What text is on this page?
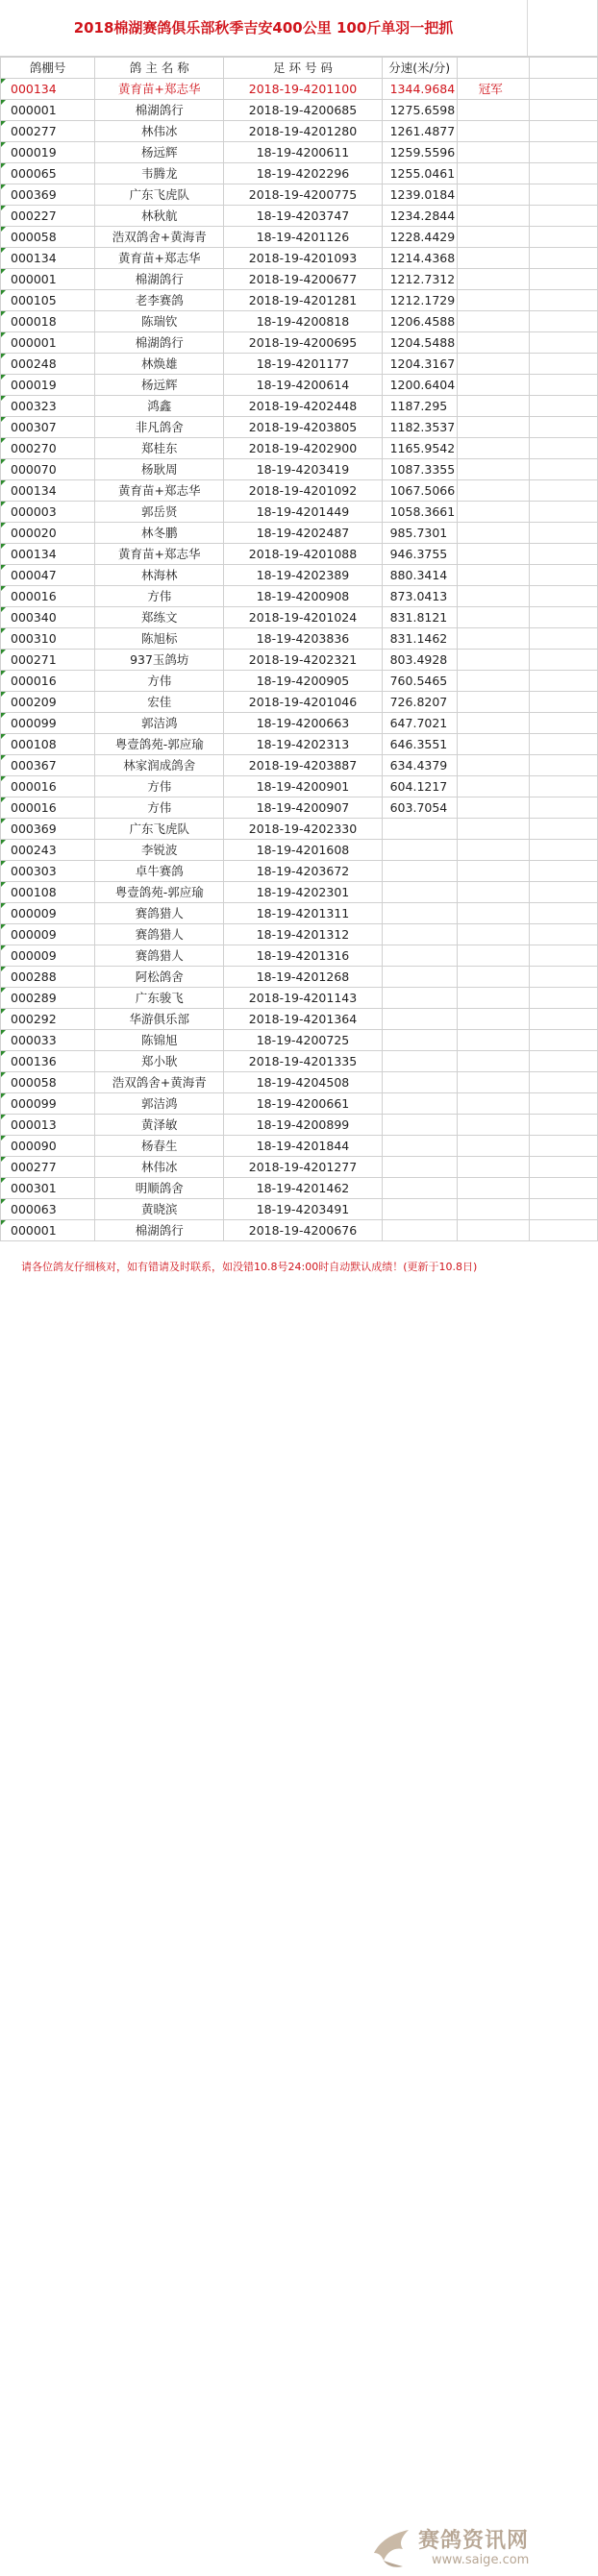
2018棉湖赛鸽俱乐部秋季吉安400公里 100斤单羽一把抓
鸽棚号	鸽 主 名 称	足 环 号 码	分速(米/分)		

000134	黄育苗+郑志华	2018-19-4201100	1344.9684	冠军	

000001	棉湖鸽行	2018-19-4200685	1275.6598		

000277	林伟冰	2018-19-4201280	1261.4877		

000019	杨远辉	18-19-4200611	1259.5596		

000065	韦腾龙	18-19-4202296	1255.0461		

000369	广东飞虎队	2018-19-4200775	1239.0184		

000227	林秋航	18-19-4203747	1234.2844		

000058	浩双鸽舍+黄海青	18-19-4201126	1228.4429		

000134	黄育苗+郑志华	2018-19-4201093	1214.4368		

000001	棉湖鸽行	2018-19-4200677	1212.7312		

000105	老李赛鸽	2018-19-4201281	1212.1729		

000018	陈瑞钦	18-19-4200818	1206.4588		

000001	棉湖鸽行	2018-19-4200695	1204.5488		

000248	林焕雄	18-19-4201177	1204.3167		

000019	杨远辉	18-19-4200614	1200.6404		

000323	鸿鑫	2018-19-4202448	1187.295		

000307	非凡鸽舍	2018-19-4203805	1182.3537		

000270	郑桂东	2018-19-4202900	1165.9542		

000070	杨耿周	18-19-4203419	1087.3355		

000134	黄育苗+郑志华	2018-19-4201092	1067.5066		

000003	郭岳贤	18-19-4201449	1058.3661		

000020	林冬鹏	18-19-4202487	985.7301		

000134	黄育苗+郑志华	2018-19-4201088	946.3755		

000047	林海林	18-19-4202389	880.3414		

000016	方伟	18-19-4200908	873.0413		

000340	郑练文	2018-19-4201024	831.8121		

000310	陈旭标	18-19-4203836	831.1462		

000271	937玉鸽坊	2018-19-4202321	803.4928		

000016	方伟	18-19-4200905	760.5465		

000209	宏佳	2018-19-4201046	726.8207		

000099	郭洁鸿	18-19-4200663	647.7021		

000108	粤壹鸽苑-郭应瑜	18-19-4202313	646.3551		

000367	林家润成鸽舍	2018-19-4203887	634.4379		

000016	方伟	18-19-4200901	604.1217		

000016	方伟	18-19-4200907	603.7054		

000369	广东飞虎队	2018-19-4202330			

000243	李锐波	18-19-4201608			

000303	卓牛赛鸽	18-19-4203672			

000108	粤壹鸽苑-郭应瑜	18-19-4202301			

000009	赛鸽猎人	18-19-4201311			

000009	赛鸽猎人	18-19-4201312			

000009	赛鸽猎人	18-19-4201316			

000288	阿松鸽舍	18-19-4201268			

000289	广东骏飞	2018-19-4201143			

000292	华游俱乐部	2018-19-4201364			

000033	陈锦旭	18-19-4200725			

000136	郑小耿	2018-19-4201335			

000058	浩双鸽舍+黄海青	18-19-4204508			

000099	郭洁鸿	18-19-4200661			

000013	黄泽敏	18-19-4200899			

000090	杨春生	18-19-4201844			

000277	林伟冰	2018-19-4201277			

000301	明顺鸽舍	18-19-4201462			

000063	黄晓滨	18-19-4203491			

000001	棉湖鸽行	2018-19-4200676			
请各位鸽友仔细核对，如有错请及时联系，如没错10.8号24:00时自动默认成绩！(更新于10.8日)
赛鸽资讯网
www.saige.com
